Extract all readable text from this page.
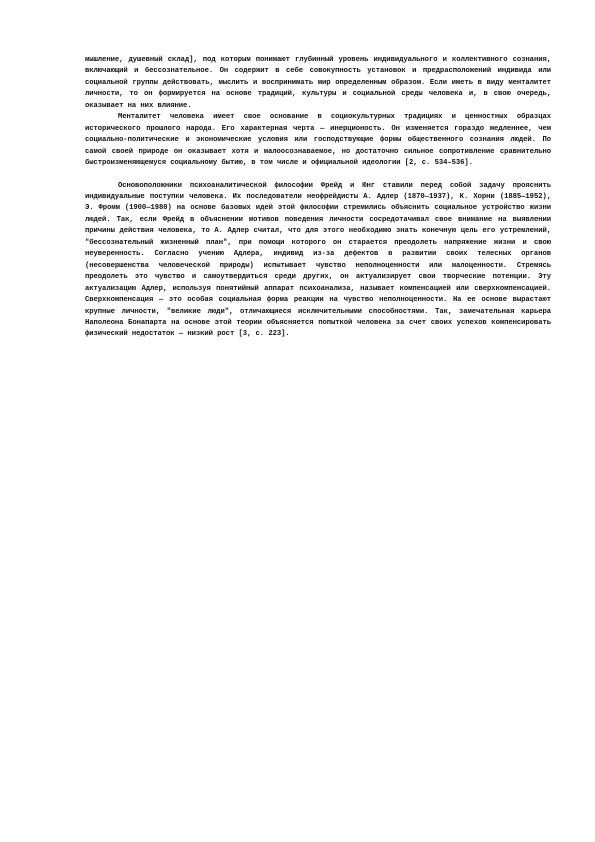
мышление, душевный склад], под которым понимают глубинный уровень индивидуального и коллективного сознания, включающий и бессознательное. Он содержит в себе совокупность установок и предрасположений индивида или социальной группы действовать, мыслить и воспринимать мир определенным образом. Если иметь в виду менталитет личности, то он формируется на основе традиций, культуры и социальной среды человека и, в свою очередь, оказывает на них влияние.

Менталитет человека имеет свое основание в социокультурных традициях и ценностных образцах исторического прошлого народа. Его характерная черта — инерционость. Он изменяется гораздо медленнее, чем социально-политические и экономические условия или господствующие формы общественного сознания людей. По самой своей природе он оказывает хотя и малоосознаваемое, но достаточно сильное сопротивление сравнительно быстроизменяющемуся социальному бытию, в том числе и официальной идеологии [2, с. 534–536].

Основоположники психоаналитической философии Фрейд и Юнг ставили перед собой задачу прояснить индивидуальные поступки человека. Их последователи неофрейдисты А. Адлер (1870—1937), К. Хорни (1885—1952), Э. Фромм (1900—1980) на основе базовых идей этой философии стремились объяснить социальное устройство жизни людей. Так, если Фрейд в объяснении мотивов поведения личности сосредотачивал свое внимание на выявлении причины действия человека, то А. Адлер считал, что для этого необходимо знать конечную цель его устремлений, "бессознательный жизненный план", при помощи которого он старается преодолеть напряжение жизни и свою неуверенность. Согласно учению Адлера, индивид из-за дефектов в развитии своих телесных органов (несовершенства человеческой природы) испытывает чувство неполноценности или малоценности. Стремясь преодолеть это чувство и самоутвердиться среди других, он актуализирует свои творческие потенции. Эту актуализацию Адлер, используя понятийный аппарат психоанализа, называет компенсацией или сверхкомпенсацией. Сверхкомпенсация — это особая социальная форма реакции на чувство неполноценности. На ее основе вырастают крупные личности, "великие люди", отличающиеся исключительными способностями. Так, замечательная карьера Наполеона Бонапарта на основе этой теории объясняется попыткой человека за счет своих успехов компенсировать физический недостаток — низкий рост [3, с. 223].
